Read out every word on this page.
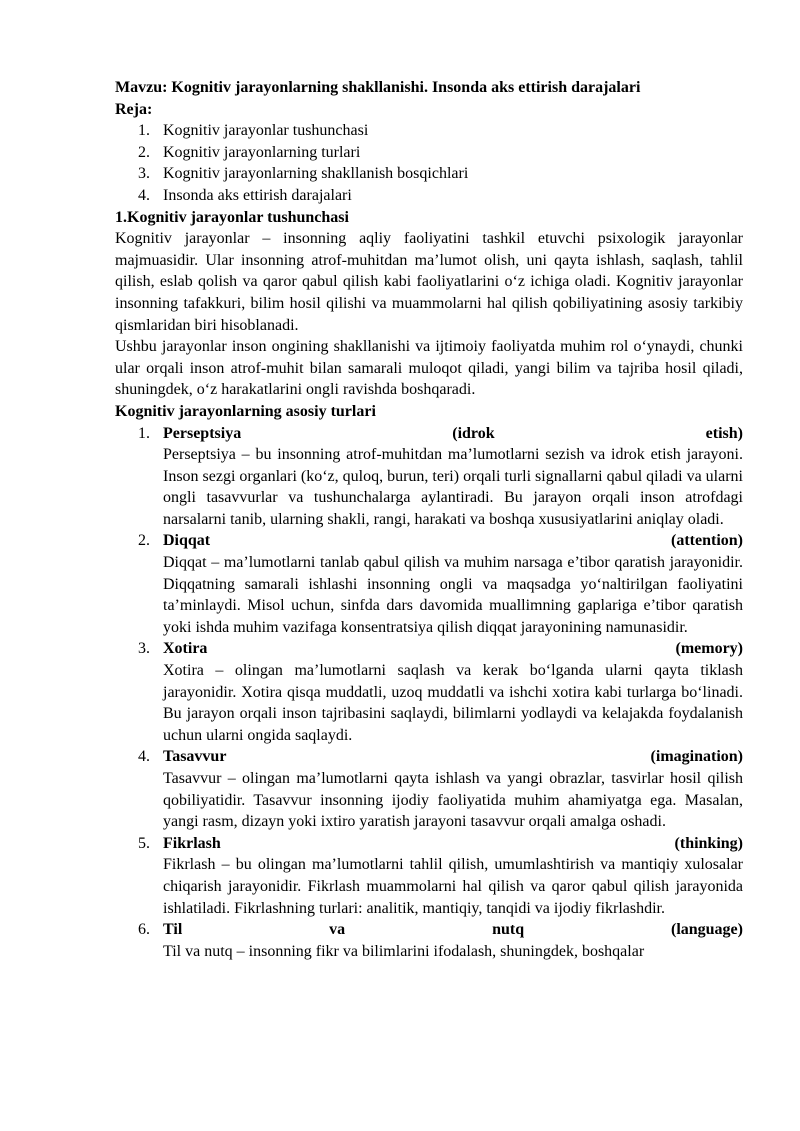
Mavzu: Kognitiv jarayonlarning shakllanishi. Insonda aks ettirish darajalari
Reja:
1. Kognitiv jarayonlar tushunchasi
2. Kognitiv jarayonlarning turlari
3. Kognitiv jarayonlarning shakllanish bosqichlari
4. Insonda aks ettirish darajalari
1.Kognitiv jarayonlar tushunchasi

Kognitiv jarayonlar – insonning aqliy faoliyatini tashkil etuvchi psixologik jarayonlar majmuasidir. Ular insonning atrof-muhitdan ma’lumot olish, uni qayta ishlash, saqlash, tahlil qilish, eslab qolish va qaror qabul qilish kabi faoliyatlarini o‘z ichiga oladi. Kognitiv jarayonlar insonning tafakkuri, bilim hosil qilishi va muammolarni hal qilish qobiliyatining asosiy tarkibiy qismlaridan biri hisoblanadi.

Ushbu jarayonlar inson ongining shakllanishi va ijtimoiy faoliyatda muhim rol o‘ynaydi, chunki ular orqali inson atrof-muhit bilan samarali muloqot qiladi, yangi bilim va tajriba hosil qiladi, shuningdek, o‘z harakatlarini ongli ravishda boshqaradi.

Kognitiv jarayonlarning asosiy turlari
1. Perseptsiya	(idrok	etish)
Perseptsiya – bu insonning atrof-muhitdan ma’lumotlarni sezish va idrok etish jarayoni. Inson sezgi organlari (ko‘z, quloq, burun, teri) orqali turli signallarni qabul qiladi va ularni ongli tasavvurlar va tushunchalarga aylantiradi. Bu jarayon orqali inson atrofdagi narsalarni tanib, ularning shakli, rangi, harakati va boshqa xususiyatlarini aniqlay oladi.
2. Diqqat	(attention)
Diqqat – ma’lumotlarni tanlab qabul qilish va muhim narsaga e’tibor qaratish jarayonidir. Diqqatning samarali ishlashi insonning ongli va maqsadga yo‘naltirilgan faoliyatini ta’minlaydi. Misol uchun, sinfda dars davomida muallimning gaplariga e’tibor qaratish yoki ishda muhim vazifaga konsentratsiya qilish diqqat jarayonining namunasidir.
3. Xotira	(memory)
Xotira – olingan ma’lumotlarni saqlash va kerak bo‘lganda ularni qayta tiklash jarayonidir. Xotira qisqa muddatli, uzoq muddatli va ishchi xotira kabi turlarga bo‘linadi. Bu jarayon orqali inson tajribasini saqlaydi, bilimlarni yodlaydi va kelajakda foydalanish uchun ularni ongida saqlaydi.
4. Tasavvur	(imagination)
Tasavvur – olingan ma’lumotlarni qayta ishlash va yangi obrazlar, tasvirlar hosil qilish qobiliyatidir. Tasavvur insonning ijodiy faoliyatida muhim ahamiyatga ega. Masalan, yangi rasm, dizayn yoki ixtiro yaratish jarayoni tasavvur orqali amalga oshadi.
5. Fikrlash	(thinking)
Fikrlash – bu olingan ma’lumotlarni tahlil qilish, umumlashtirish va mantiqiy xulosalar chiqarish jarayonidir. Fikrlash muammolarni hal qilish va qaror qabul qilish jarayonida ishlatiladi. Fikrlashning turlari: analitik, mantiqiy, tanqidi va ijodiy fikrlashdir.
6. Til	va	nutq	(language)
Til va nutq – insonning fikr va bilimlarini ifodalash, shuningdek, boshqalar
